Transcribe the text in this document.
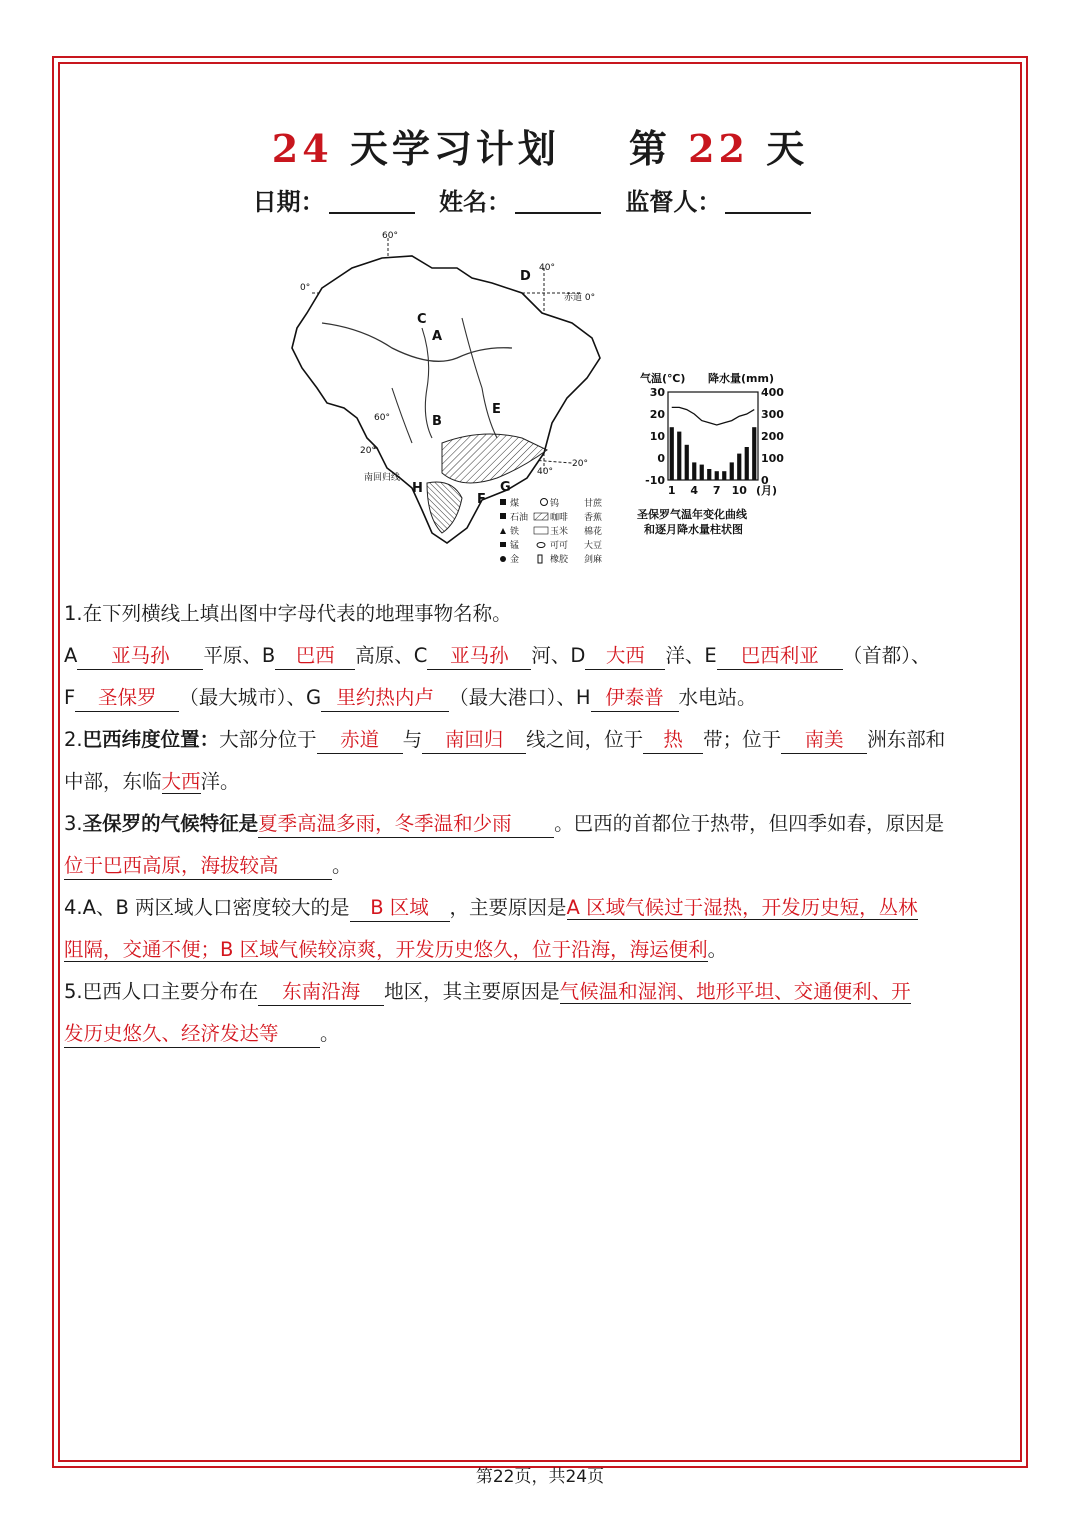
24 天学习计划 第 22 天
日期：	姓名：	监督人：
60°
40°
0°
赤道 0°
60°
20°
40°
20°
南回归线
A
B
C
D
E
F
G
H
煤	钨	甘蔗
石油 咖啡 香蕉
铁	玉米 棉花
锰	可可 大豆
金	橡胶 剑麻
气温(℃) 降水量(mm)
30
20
10
0
-10
400
300
200
100
0
1 4 7 10 (月)
圣保罗气温年变化曲线
和逐月降水量柱状图

1.在下列横线上填出图中字母代表的地理事物名称。

A 亚马孙 平原、B 巴西 高原、C 亚马孙 河、D 大西 洋、E 巴西利亚 （首都）、

F 圣保罗 （最大城市）、G 里约热内卢 （最大港口）、H 伊泰普 水电站。

2.巴西纬度位置：大部分位于 赤道 与 南回归 线之间，位于 热 带；位于 南美 洲东部和

中部，东临大西洋。

3.圣保罗的气候特征是夏季高温多雨，冬季温和少雨 。巴西的首都位于热带，但四季如春，原因是

位于巴西高原，海拔较高	。

4.A、B 两区域人口密度较大的是 B 区域 ，主要原因是A 区域气候过于湿热，开发历史短，丛林

阻隔，交通不便；B 区域气候较凉爽，开发历史悠久，位于沿海，海运便利。

5.巴西人口主要分布在 东南沿海 地区，其主要原因是气候温和湿润、地形平坦、交通便利、开

发历史悠久、经济发达等 。

第22页，共24页
